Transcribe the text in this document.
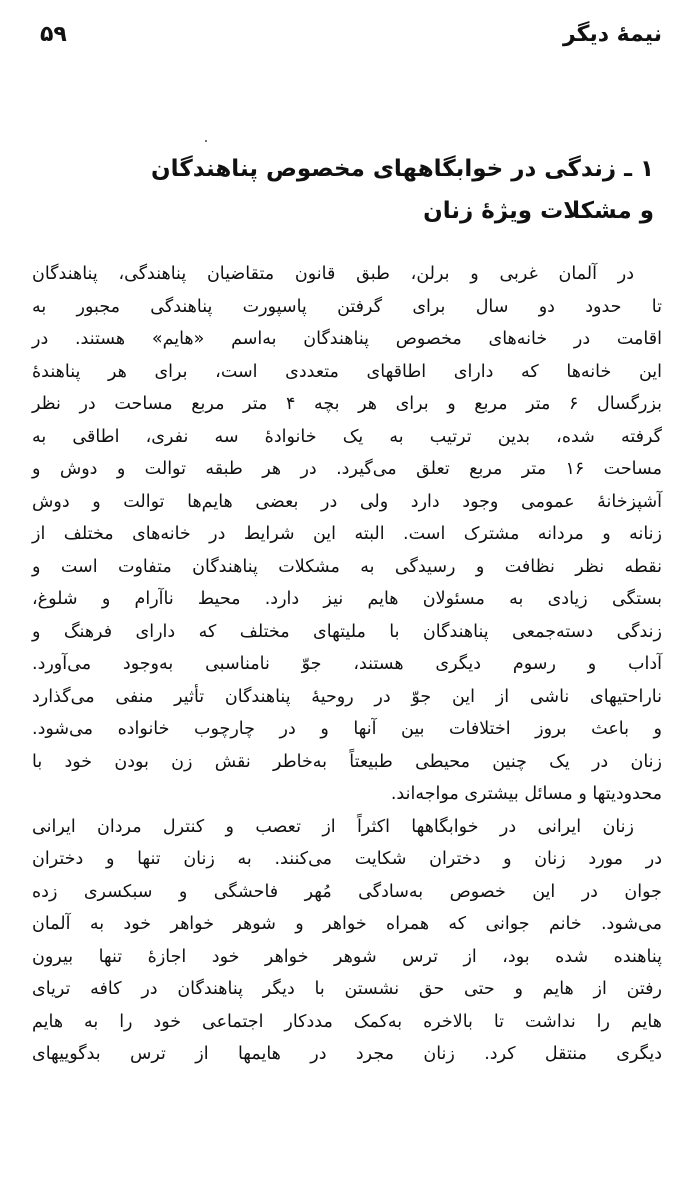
نیمهٔ دیگر
۵۹
۱ ـ زندگی در خوابگاههای مخصوص پناهندگان
و مشکلات ویژهٔ زنان
در آلمان غربی و برلن، طبق قانون متقاضیان پناهندگی، پناهندگان
تا حدود دو سال برای گرفتن پاسپورت پناهندگی مجبور به
اقامت در خانه‌های مخصوص پناهندگان به‌اسم «هایم» هستند. در
این خانه‌ها که دارای اطاقهای متعددی است، برای هر پناهندهٔ
بزرگسال ۶ متر مربع و برای هر بچه ۴ متر مربع مساحت در نظر
گرفته شده، بدین ترتیب به یک خانوادهٔ سه نفری، اطاقی به
مساحت ۱۶ متر مربع تعلق می‌گیرد. در هر طبقه توالت و دوش و
آشپزخانهٔ عمومی وجود دارد ولی در بعضی هایم‌ها توالت و دوش
زنانه و مردانه مشترک است. البته این شرایط در خانه‌های مختلف از
نقطه نظر نظافت و رسیدگی به مشکلات پناهندگان متفاوت است و
بستگی زیادی به مسئولان هایم نیز دارد. محیط ناآرام و شلوغ،
زندگی دسته‌جمعی پناهندگان با ملیتهای مختلف که دارای فرهنگ و
آداب و رسوم دیگری هستند، جوّ نامناسبی به‌وجود می‌آورد.
ناراحتیهای ناشی از این جوّ در روحیهٔ پناهندگان تأثیر منفی می‌گذارد
و باعث بروز اختلافات بین آنها و در چارچوب خانواده می‌شود.
زنان در یک چنین محیطی طبیعتاً به‌خاطر نقش زن بودن خود با
محدودیتها و مسائل بیشتری مواجه‌اند.
زنان ایرانی در خوابگاهها اکثراً از تعصب و کنترل مردان ایرانی
در مورد زنان و دختران شکایت می‌کنند. به زنان تنها و دختران
جوان در این خصوص به‌سادگی مُهر فاحشگی و سبکسری زده
می‌شود. خانم جوانی که همراه خواهر و شوهر خواهر خود به آلمان
پناهنده شده بود، از ترس شوهر خواهر خود اجازهٔ تنها بیرون
رفتن از هایم و حتی حق نشستن با دیگر پناهندگان در کافه تریای
هایم را نداشت تا بالاخره به‌کمک مددکار اجتماعی خود را به هایم
دیگری منتقل کرد. زنان مجرد در هایمها از ترس بدگوییهای
